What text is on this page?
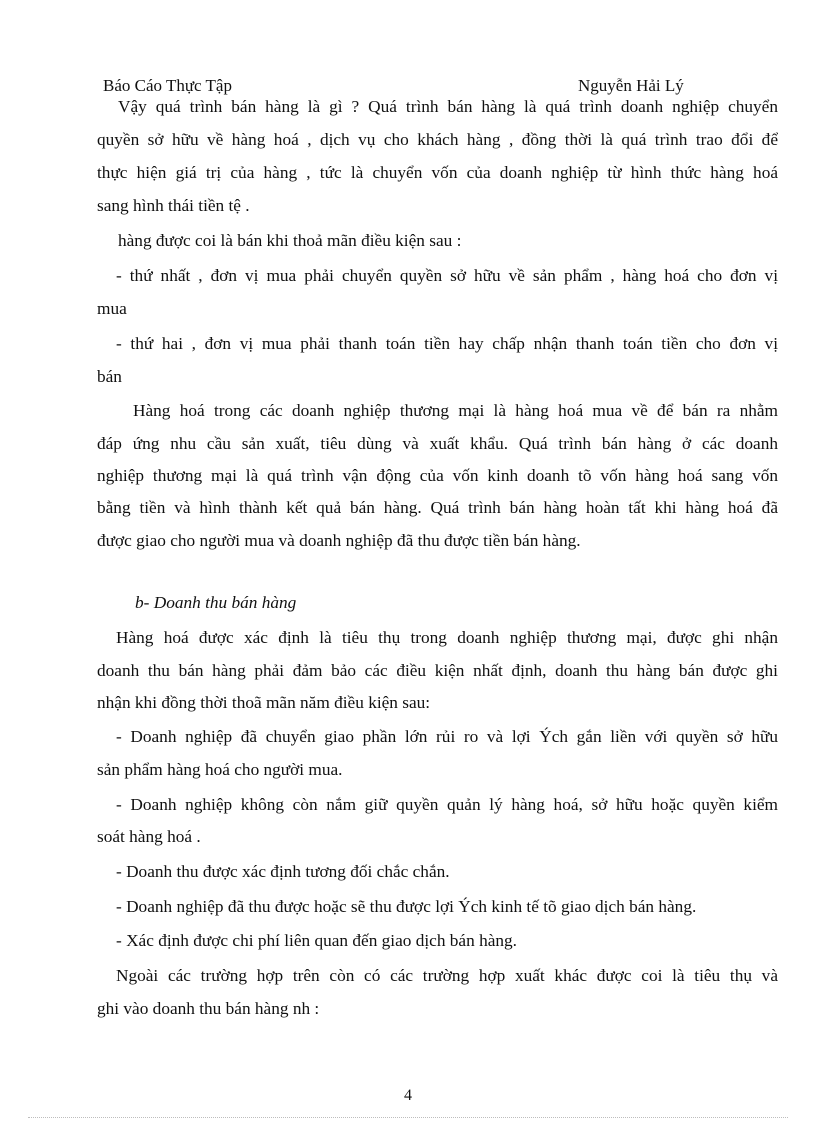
Báo Cáo Thực Tập	Nguyễn Hải Lý
Vậy quá trình bán hàng là gì ? Quá trình bán hàng là quá trình doanh nghiệp chuyển
quyền sở hữu về hàng hoá , dịch vụ cho khách hàng , đồng thời là quá trình trao đổi để
thực hiện giá trị của hàng , tức là chuyển vốn của doanh nghiệp từ hình thức hàng hoá
sang hình thái tiền tệ .
hàng được coi là bán khi thoả mãn điều kiện sau :
- thứ nhất , đơn vị mua phải chuyển quyền sở hữu về sản phẩm , hàng hoá cho đơn vị
mua
- thứ hai , đơn vị mua phải thanh toán tiền hay chấp nhận thanh toán tiền cho đơn vị
bán
Hàng hoá trong các doanh nghiệp thương mại là hàng hoá mua về để bán ra nhằm
đáp ứng nhu cầu sản xuất, tiêu dùng và xuất khẩu. Quá trình bán hàng ở các doanh
nghiệp thương mại là quá trình vận động của vốn kinh doanh tõ vốn hàng hoá sang vốn
bằng tiền và hình thành kết quả bán hàng. Quá trình bán hàng hoàn tất khi hàng hoá đã
được giao cho người mua và doanh nghiệp đã thu được tiền bán hàng.
b- Doanh thu bán hàng
Hàng hoá được xác định là tiêu thụ trong doanh nghiệp thương mại, được ghi nhận
doanh thu bán hàng phải đảm bảo các điều kiện nhất định, doanh thu hàng bán được ghi
nhận khi đồng thời thoã mãn năm điều kiện sau:
- Doanh nghiệp đã chuyển giao phần lớn rủi ro và lợi Ých gắn liền với quyền sở hữu
sản phẩm hàng hoá cho người mua.
- Doanh nghiệp không còn nắm giữ quyền quản lý hàng hoá, sở hữu hoặc quyền kiểm
soát hàng hoá .
- Doanh thu được xác định tương đối chắc chắn.
- Doanh nghiệp đã thu được hoặc sẽ thu được lợi Ých kinh tế tõ giao dịch bán hàng.
- Xác định được chi phí liên quan đến giao dịch bán hàng.
Ngoài các trường hợp trên còn có các trường hợp xuất khác được coi là tiêu thụ và
ghi vào doanh thu bán hàng nh :
4
